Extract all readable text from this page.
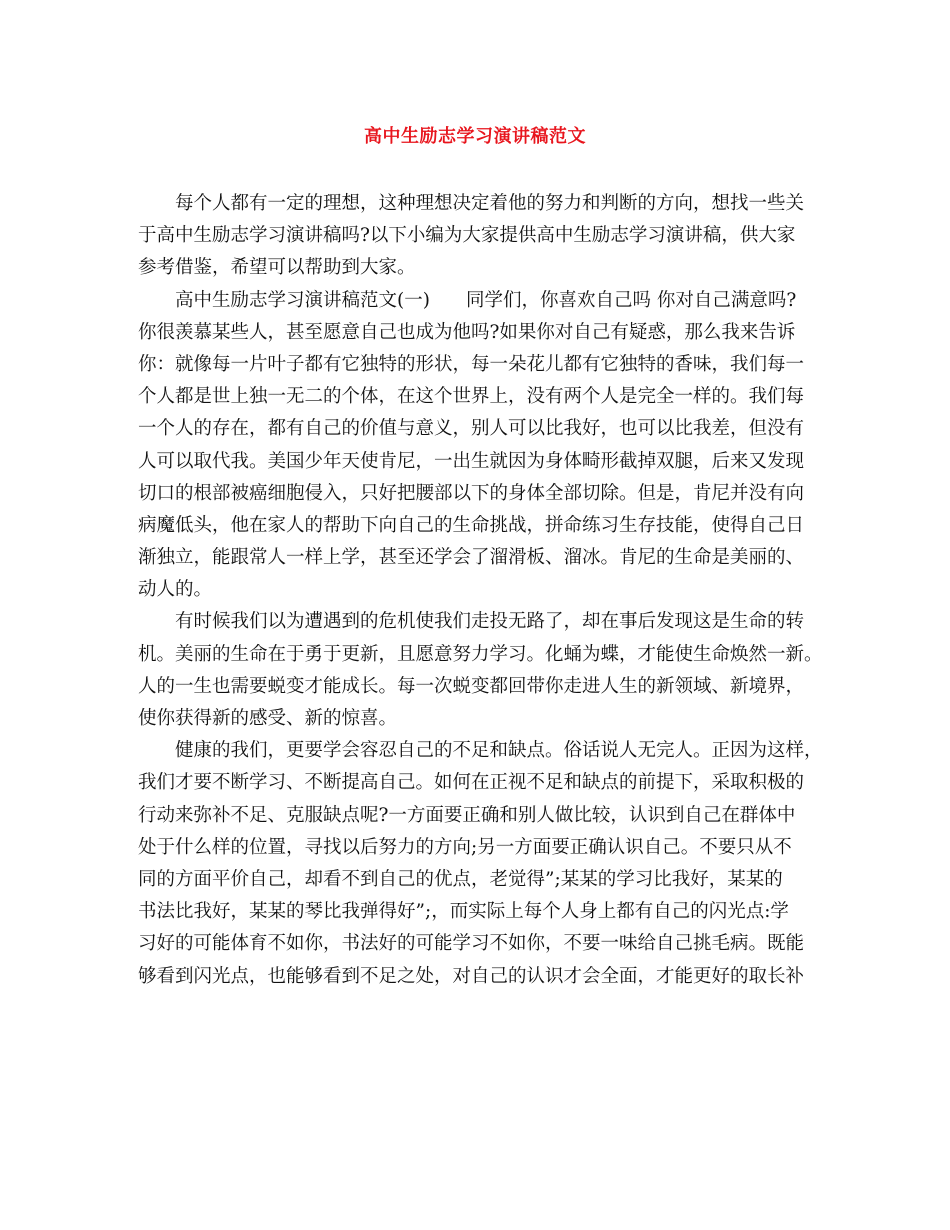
高中生励志学习演讲稿范文
每个人都有一定的理想，这种理想决定着他的努力和判断的方向，想找一些关
于高中生励志学习演讲稿吗?以下小编为大家提供高中生励志学习演讲稿，供大家
参考借鉴，希望可以帮助到大家。
高中生励志学习演讲稿范文(一) 同学们，你喜欢自己吗 你对自己满意吗?
你很羡慕某些人，甚至愿意自己也成为他吗?如果你对自己有疑惑，那么我来告诉
你：就像每一片叶子都有它独特的形状，每一朵花儿都有它独特的香味，我们每一
个人都是世上独一无二的个体，在这个世界上，没有两个人是完全一样的。我们每
一个人的存在，都有自己的价值与意义，别人可以比我好，也可以比我差，但没有
人可以取代我。美国少年天使肯尼，一出生就因为身体畸形截掉双腿，后来又发现
切口的根部被癌细胞侵入，只好把腰部以下的身体全部切除。但是，肯尼并没有向
病魔低头，他在家人的帮助下向自己的生命挑战，拼命练习生存技能，使得自己日
渐独立，能跟常人一样上学，甚至还学会了溜滑板、溜冰。肯尼的生命是美丽的、
动人的。
有时候我们以为遭遇到的危机使我们走投无路了，却在事后发现这是生命的转
机。美丽的生命在于勇于更新，且愿意努力学习。化蛹为蝶，才能使生命焕然一新。
人的一生也需要蜕变才能成长。每一次蜕变都回带你走进人生的新领域、新境界，
使你获得新的感受、新的惊喜。
健康的我们，更要学会容忍自己的不足和缺点。俗话说人无完人。正因为这样，
我们才要不断学习、不断提高自己。如何在正视不足和缺点的前提下，采取积极的
行动来弥补不足、克服缺点呢?一方面要正确和别人做比较，认识到自己在群体中
处于什么样的位置，寻找以后努力的方向;另一方面要正确认识自己。不要只从不
同的方面平价自己，却看不到自己的优点，老觉得”;某某的学习比我好，某某的
书法比我好，某某的琴比我弹得好”;，而实际上每个人身上都有自己的闪光点:学
习好的可能体育不如你，书法好的可能学习不如你，不要一味给自己挑毛病。既能
够看到闪光点，也能够看到不足之处，对自己的认识才会全面，才能更好的取长补
